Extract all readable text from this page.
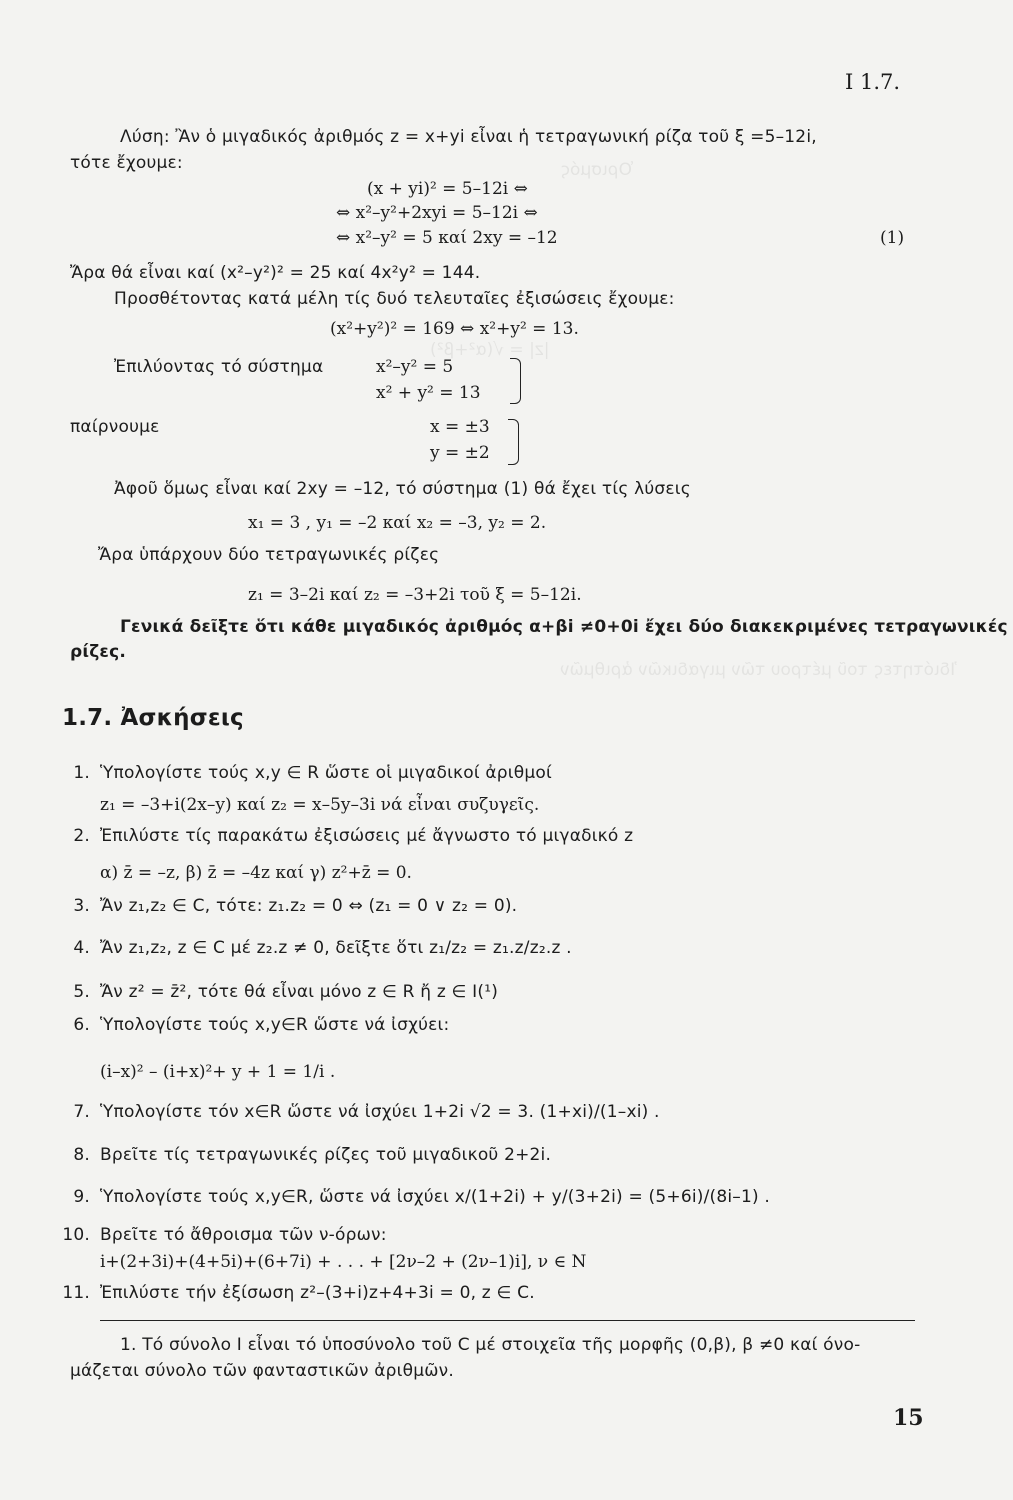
Ὁρισμός
|z| = √(α²+β²)
Ἰδιότητες τοῦ μέτρου τῶν μιγαδικῶν ἀριθμῶν
I 1.7.
Λύση: Ἂν ὁ μιγαδικός ἀριθμός z = x+yi εἶναι ἡ τετραγωνική ρίζα τοῦ ξ =5–12i,
τότε ἔχουμε:
(x + yi)² = 5–12i ⇔
⇔ x²–y²+2xyi = 5–12i ⇔
⇔ x²–y² = 5 καί 2xy = –12	(1)
Ἄρα θά εἶναι καί (x²–y²)² = 25 καί 4x²y² = 144.
Προσθέτοντας κατά μέλη τίς δυό τελευταῖες ἐξισώσεις ἔχουμε:
(x²+y²)² = 169 ⇔ x²+y² = 13.
Ἐπιλύοντας τό σύστημα	x²–y² = 5
x² + y² = 13
παίρνουμε	x = ±3
y = ±2
Ἀφοῦ ὅμως εἶναι καί 2xy = –12, τό σύστημα (1) θά ἔχει τίς λύσεις
x₁ = 3 , y₁ = –2 καί x₂ = –3, y₂ = 2.
Ἄρα ὑπάρχουν δύο τετραγωνικές ρίζες
z₁ = 3–2i καί z₂ = –3+2i τοῦ ξ = 5–12i.
Γενικά δεῖξτε ὅτι κάθε μιγαδικός ἀριθμός α+βi ≠0+0i ἔχει δύο διακεκριμένες τετραγωνικές
ρίζες.
1.7. Ἀσκήσεις
1. Ὑπολογίστε τούς x,y ∈ R ὥστε οἱ μιγαδικοί ἀριθμοί
z₁ = –3+i(2x–y) καί z₂ = x–5y–3i νά εἶναι συζυγεῖς.
2. Ἐπιλύστε τίς παρακάτω ἐξισώσεις μέ ἄγνωστο τό μιγαδικό z
α) z̄ = –z, β) z̄ = –4z καί γ) z²+z̄ = 0.
3. Ἄν z₁,z₂ ∈ C, τότε: z₁.z₂ = 0 ⇔ (z₁ = 0 ∨ z₂ = 0).
4. Ἄν z₁,z₂, z ∈ C μέ z₂.z ≠ 0, δεῖξτε ὅτι z₁/z₂ = z₁.z/z₂.z .
5. Ἄν z² = z̄², τότε θά εἶναι μόνο z ∈ R ἤ z ∈ I(¹)
6. Ὑπολογίστε τούς x,y∈R ὥστε νά ἰσχύει:
(i–x)² – (i+x)²+ y + 1 = 1/i .
7. Ὑπολογίστε τόν x∈R ὥστε νά ἰσχύει 1+2i √2 = 3. (1+xi)/(1–xi) .
8. Βρεῖτε τίς τετραγωνικές ρίζες τοῦ μιγαδικοῦ 2+2i.
9. Ὑπολογίστε τούς x,y∈R, ὥστε νά ἰσχύει x/(1+2i) + y/(3+2i) = (5+6i)/(8i–1) .
10. Βρεῖτε τό ἄθροισμα τῶν ν-όρων:
i+(2+3i)+(4+5i)+(6+7i) + . . . + [2ν–2 + (2ν–1)i], ν ∈ N
11. Ἐπιλύστε τήν ἐξίσωση z²–(3+i)z+4+3i = 0, z ∈ C.
1. Τό σύνολο I εἶναι τό ὑποσύνολο τοῦ C μέ στοιχεῖα τῆς μορφῆς (0,β), β ≠0 καί όνο-
μάζεται σύνολο τῶν φανταστικῶν ἀριθμῶν.
15
